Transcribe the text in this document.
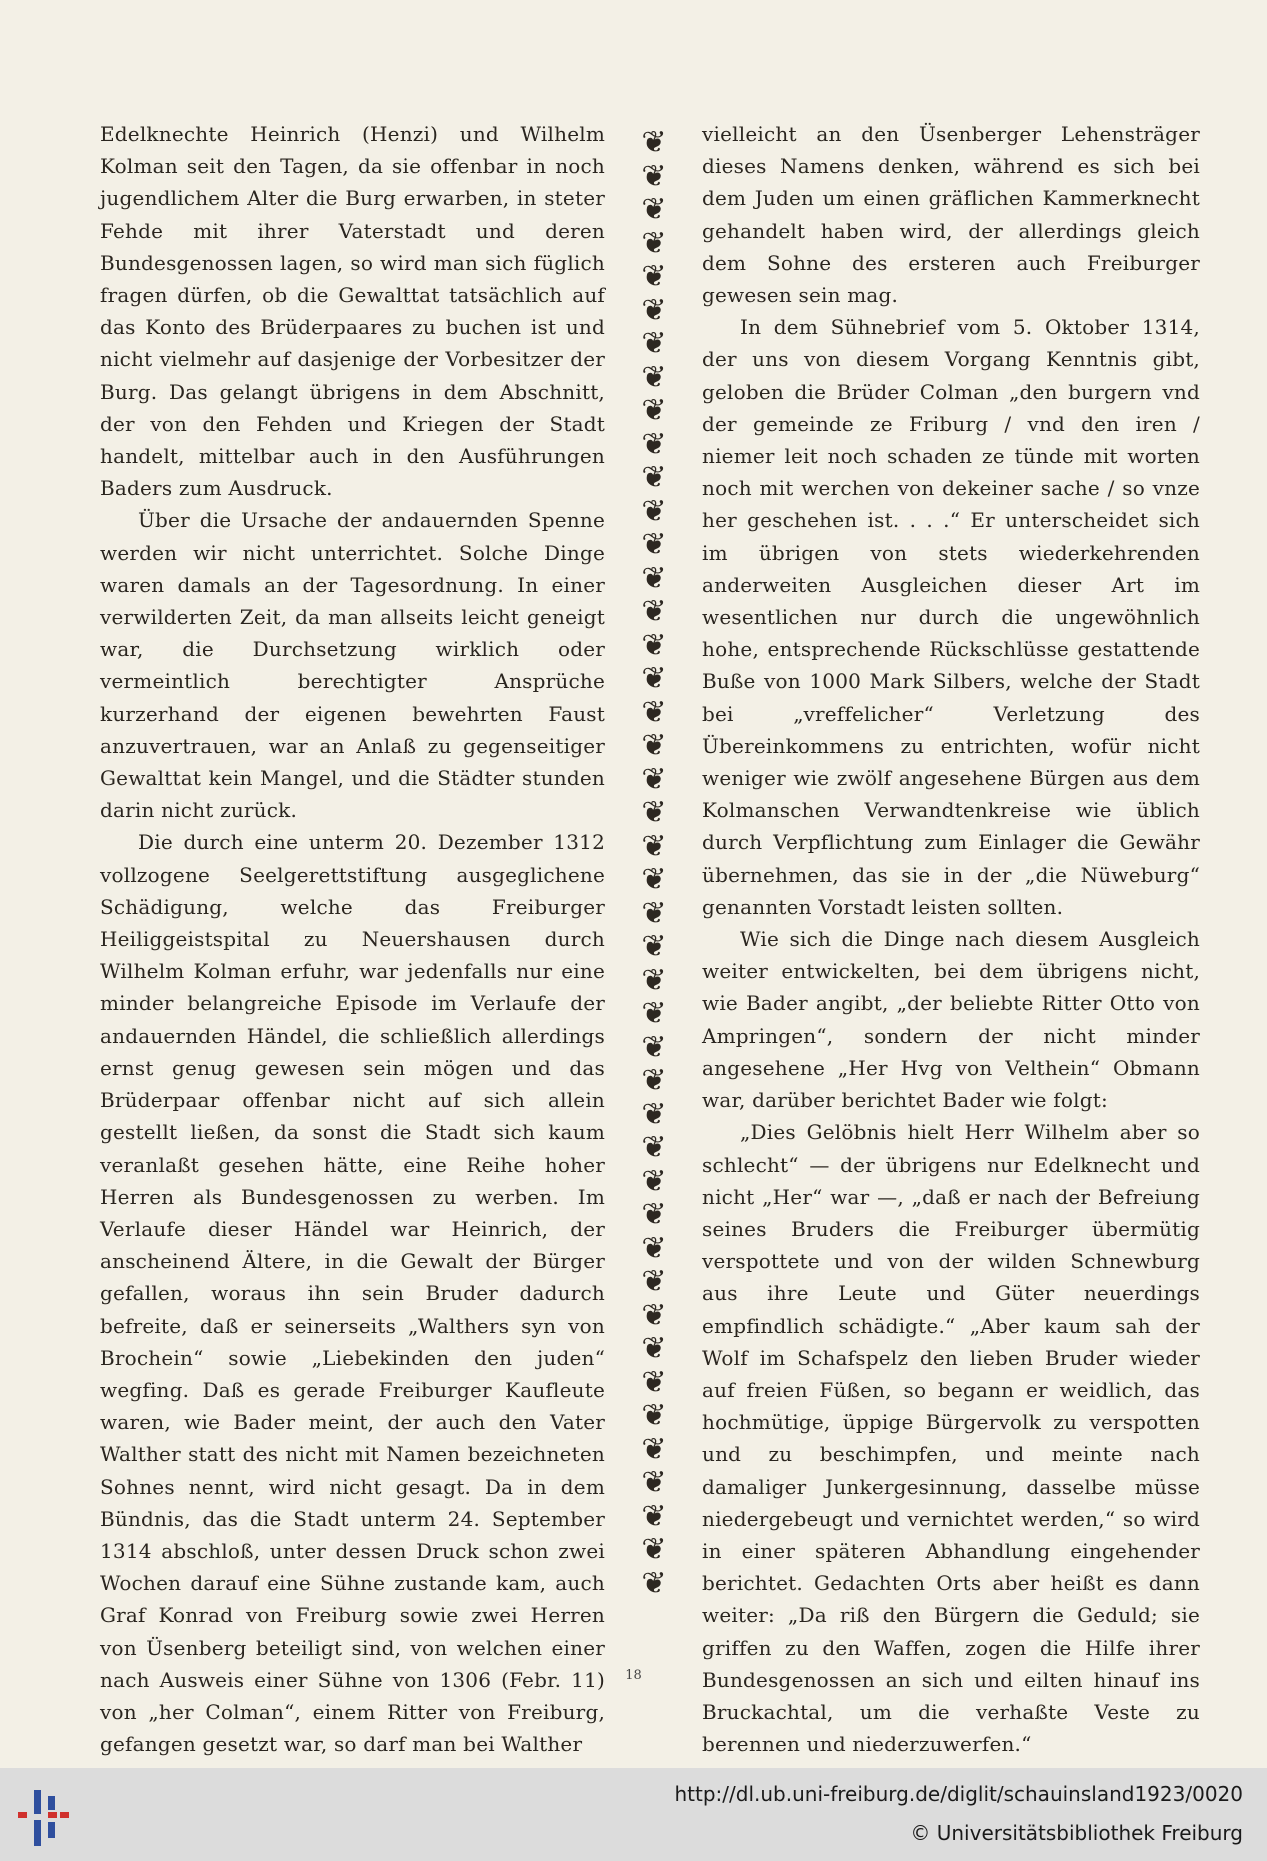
Edelknechte Heinrich (Henzi) und Wilhelm Kolman seit den Tagen, da sie offenbar in noch jugendlichem Alter die Burg erwarben, in steter Fehde mit ihrer Vaterstadt und deren Bundesgenossen lagen, so wird man sich füglich fragen dürfen, ob die Gewalttat tatsächlich auf das Konto des Brüderpaares zu buchen ist und nicht vielmehr auf dasjenige der Vorbesitzer der Burg. Das gelangt übrigens in dem Abschnitt, der von den Fehden und Kriegen der Stadt handelt, mittelbar auch in den Ausführungen Baders zum Ausdruck.

Über die Ursache der andauernden Spenne werden wir nicht unterrichtet. Solche Dinge waren damals an der Tagesordnung. In einer verwilderten Zeit, da man allseits leicht geneigt war, die Durchsetzung wirklich oder vermeintlich berechtigter Ansprüche kurzerhand der eigenen bewehrten Faust anzuvertrauen, war an Anlaß zu gegenseitiger Gewalttat kein Mangel, und die Städter stunden darin nicht zurück.

Die durch eine unterm 20. Dezember 1312 vollzogene Seelgerettstiftung ausgeglichene Schädigung, welche das Freiburger Heiliggeistspital zu Neuershausen durch Wilhelm Kolman erfuhr, war jedenfalls nur eine minder belangreiche Episode im Verlaufe der andauernden Händel, die schließlich allerdings ernst genug gewesen sein mögen und das Brüderpaar offenbar nicht auf sich allein gestellt ließen, da sonst die Stadt sich kaum veranlaßt gesehen hätte, eine Reihe hoher Herren als Bundesgenossen zu werben. Im Verlaufe dieser Händel war Heinrich, der anscheinend Ältere, in die Gewalt der Bürger gefallen, woraus ihn sein Bruder dadurch befreite, daß er seinerseits „Walthers syn von Brochein“ sowie „Liebekinden den juden“ wegfing. Daß es gerade Freiburger Kaufleute waren, wie Bader meint, der auch den Vater Walther statt des nicht mit Namen bezeichneten Sohnes nennt, wird nicht gesagt. Da in dem Bündnis, das die Stadt unterm 24. September 1314 abschloß, unter dessen Druck schon zwei Wochen darauf eine Sühne zustande kam, auch Graf Konrad von Freiburg sowie zwei Herren von Üsenberg beteiligt sind, von welchen einer nach Ausweis einer Sühne von 1306 (Febr. 11) von „her Colman“, einem Ritter von Freiburg, gefangen gesetzt war, so darf man bei Walther

❦
❦
❦
❦
❦
❦
❦
❦
❦
❦
❦
❦
❦
❦
❦
❦
❦
❦
❦
❦
❦
❦
❦
❦
❦
❦
❦
❦
❦
❦
❦
❦
❦
❦
❦
❦
❦
❦
❦
❦
❦
❦
❦
❦

vielleicht an den Üsenberger Lehensträger dieses Namens denken, während es sich bei dem Juden um einen gräflichen Kammerknecht gehandelt haben wird, der allerdings gleich dem Sohne des ersteren auch Freiburger gewesen sein mag.

In dem Sühnebrief vom 5. Oktober 1314, der uns von diesem Vorgang Kenntnis gibt, geloben die Brüder Colman „den burgern vnd der gemeinde ze Friburg / vnd den iren / niemer leit noch schaden ze tünde mit worten noch mit werchen von dekeiner sache / so vnze her geschehen ist. . . .“ Er unterscheidet sich im übrigen von stets wiederkehrenden anderweiten Ausgleichen dieser Art im wesentlichen nur durch die ungewöhnlich hohe, entsprechende Rückschlüsse gestattende Buße von 1000 Mark Silbers, welche der Stadt bei „vreffelicher“ Verletzung des Übereinkommens zu entrichten, wofür nicht weniger wie zwölf angesehene Bürgen aus dem Kolmanschen Verwandtenkreise wie üblich durch Verpflichtung zum Einlager die Gewähr übernehmen, das sie in der „die Nüweburg“ genannten Vorstadt leisten sollten.

Wie sich die Dinge nach diesem Ausgleich weiter entwickelten, bei dem übrigens nicht, wie Bader angibt, „der beliebte Ritter Otto von Ampringen“, sondern der nicht minder angesehene „Her Hvg von Velthein“ Obmann war, darüber berichtet Bader wie folgt:

„Dies Gelöbnis hielt Herr Wilhelm aber so schlecht“ — der übrigens nur Edelknecht und nicht „Her“ war —, „daß er nach der Befreiung seines Bruders die Freiburger übermütig verspottete und von der wilden Schnewburg aus ihre Leute und Güter neuerdings empfindlich schädigte.“ „Aber kaum sah der Wolf im Schafspelz den lieben Bruder wieder auf freien Füßen, so begann er weidlich, das hochmütige, üppige Bürgervolk zu verspotten und zu beschimpfen, und meinte nach damaliger Junkergesinnung, dasselbe müsse niedergebeugt und vernichtet werden,“ so wird in einer späteren Abhandlung eingehender berichtet. Gedachten Orts aber heißt es dann weiter: „Da riß den Bürgern die Geduld; sie griffen zu den Waffen, zogen die Hilfe ihrer Bundesgenossen an sich und eilten hinauf ins Bruckachtal, um die verhaßte Veste zu berennen und niederzuwerfen.“

18
http://dl.ub.uni-freiburg.de/diglit/schauinsland1923/0020
© Universitätsbibliothek Freiburg
